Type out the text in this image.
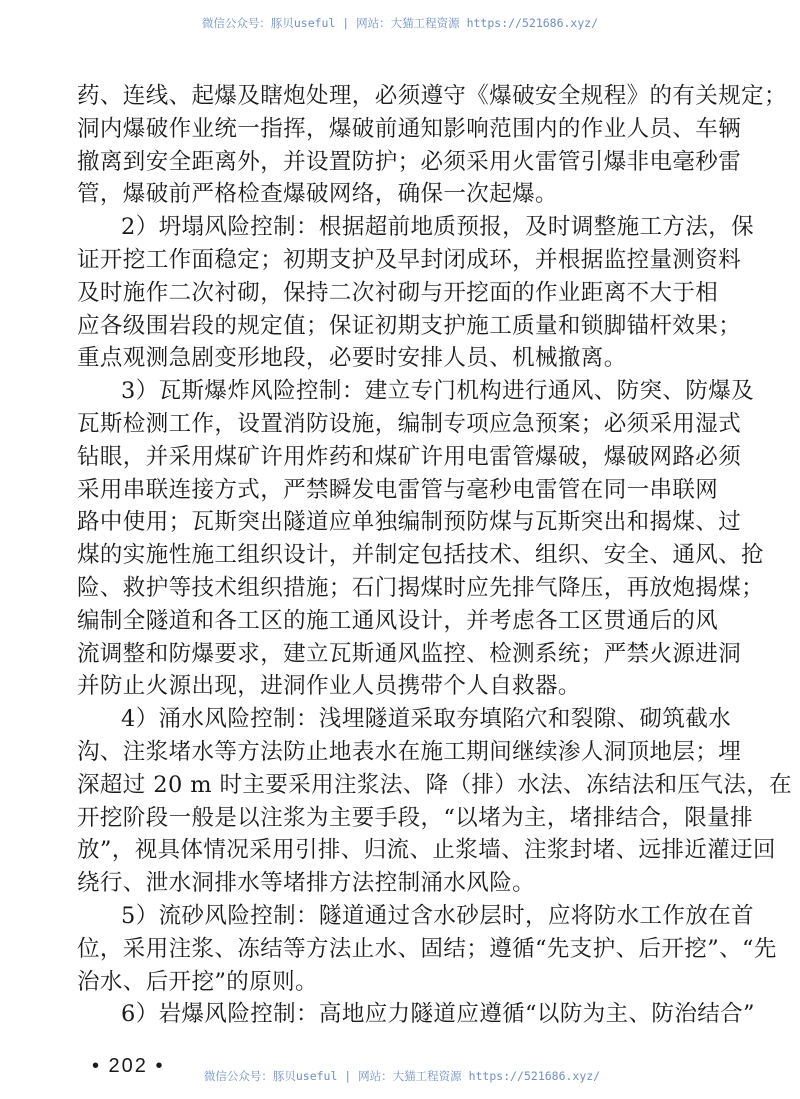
微信公众号：豚贝useful | 网站：大猫工程资源 https://521686.xyz/
药、连线、起爆及瞎炮处理，必须遵守《爆破安全规程》的有关规定；
洞内爆破作业统一指挥，爆破前通知影响范围内的作业人员、车辆
撤离到安全距离外，并设置防护；必须采用火雷管引爆非电毫秒雷
管，爆破前严格检查爆破网络，确保一次起爆。
2）坍塌风险控制：根据超前地质预报，及时调整施工方法，保
证开挖工作面稳定；初期支护及早封闭成环，并根据监控量测资料
及时施作二次衬砌，保持二次衬砌与开挖面的作业距离不大于相
应各级围岩段的规定值；保证初期支护施工质量和锁脚锚杆效果；
重点观测急剧变形地段，必要时安排人员、机械撤离。
3）瓦斯爆炸风险控制：建立专门机构进行通风、防突、防爆及
瓦斯检测工作，设置消防设施，编制专项应急预案；必须采用湿式
钻眼，并采用煤矿许用炸药和煤矿许用电雷管爆破，爆破网路必须
采用串联连接方式，严禁瞬发电雷管与毫秒电雷管在同一串联网
路中使用；瓦斯突出隧道应单独编制预防煤与瓦斯突出和揭煤、过
煤的实施性施工组织设计，并制定包括技术、组织、安全、通风、抢
险、救护等技术组织措施；石门揭煤时应先排气降压，再放炮揭煤；
编制全隧道和各工区的施工通风设计，并考虑各工区贯通后的风
流调整和防爆要求，建立瓦斯通风监控、检测系统；严禁火源进洞
并防止火源出现，进洞作业人员携带个人自救器。
4）涌水风险控制：浅埋隧道采取夯填陷穴和裂隙、砌筑截水
沟、注浆堵水等方法防止地表水在施工期间继续渗人洞顶地层；埋
深超过 20 m 时主要采用注浆法、降（排）水法、冻结法和压气法，在
开挖阶段一般是以注浆为主要手段，“以堵为主，堵排结合，限量排
放”，视具体情况采用引排、归流、止浆墙、注浆封堵、远排近灌迂回
绕行、泄水洞排水等堵排方法控制涌水风险。
5）流砂风险控制：隧道通过含水砂层时，应将防水工作放在首
位，采用注浆、冻结等方法止水、固结；遵循“先支护、后开挖”、“先
治水、后开挖”的原则。
6）岩爆风险控制：高地应力隧道应遵循“以防为主、防治结合”
• 202 •	微信公众号：豚贝useful | 网站：大猫工程资源 https://521686.xyz/
